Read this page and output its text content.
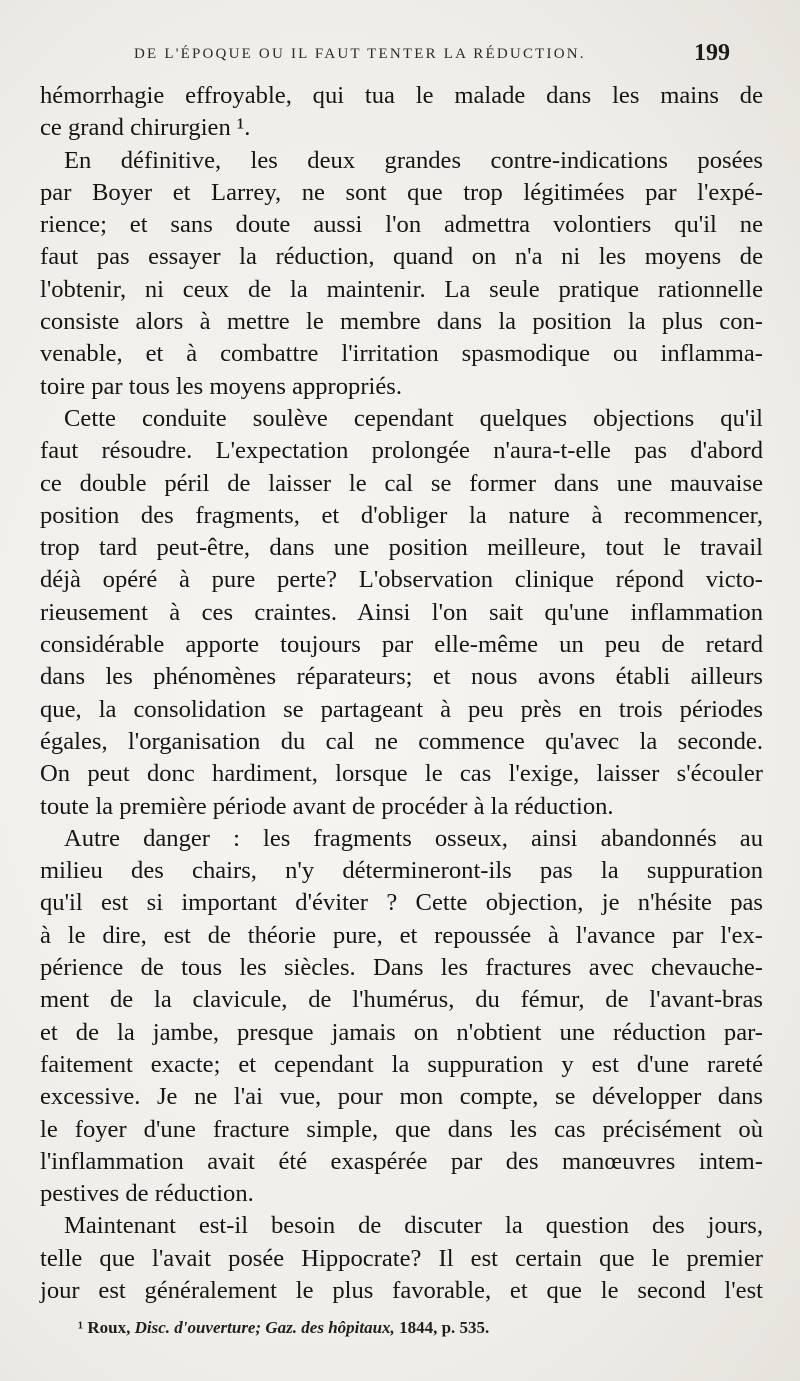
DE L'ÉPOQUE OU IL FAUT TENTER LA RÉDUCTION.	199
hémorrhagie effroyable, qui tua le malade dans les mains de
ce grand chirurgien ¹.
En définitive, les deux grandes contre-indications posées
par Boyer et Larrey, ne sont que trop légitimées par l'expé-
rience; et sans doute aussi l'on admettra volontiers qu'il ne
faut pas essayer la réduction, quand on n'a ni les moyens de
l'obtenir, ni ceux de la maintenir. La seule pratique rationnelle
consiste alors à mettre le membre dans la position la plus con-
venable, et à combattre l'irritation spasmodique ou inflamma-
toire par tous les moyens appropriés.
Cette conduite soulève cependant quelques objections qu'il
faut résoudre. L'expectation prolongée n'aura-t-elle pas d'abord
ce double péril de laisser le cal se former dans une mauvaise
position des fragments, et d'obliger la nature à recommencer,
trop tard peut-être, dans une position meilleure, tout le travail
déjà opéré à pure perte? L'observation clinique répond victo-
rieusement à ces craintes. Ainsi l'on sait qu'une inflammation
considérable apporte toujours par elle-même un peu de retard
dans les phénomènes réparateurs; et nous avons établi ailleurs
que, la consolidation se partageant à peu près en trois périodes
égales, l'organisation du cal ne commence qu'avec la seconde.
On peut donc hardiment, lorsque le cas l'exige, laisser s'écouler
toute la première période avant de procéder à la réduction.
Autre danger : les fragments osseux, ainsi abandonnés au
milieu des chairs, n'y détermineront-ils pas la suppuration
qu'il est si important d'éviter ? Cette objection, je n'hésite pas
à le dire, est de théorie pure, et repoussée à l'avance par l'ex-
périence de tous les siècles. Dans les fractures avec chevauche-
ment de la clavicule, de l'humérus, du fémur, de l'avant-bras
et de la jambe, presque jamais on n'obtient une réduction par-
faitement exacte; et cependant la suppuration y est d'une rareté
excessive. Je ne l'ai vue, pour mon compte, se développer dans
le foyer d'une fracture simple, que dans les cas précisément où
l'inflammation avait été exaspérée par des manœuvres intem-
pestives de réduction.
Maintenant est-il besoin de discuter la question des jours,
telle que l'avait posée Hippocrate? Il est certain que le premier
jour est généralement le plus favorable, et que le second l'est
¹ Roux, Disc. d'ouverture; Gaz. des hôpitaux, 1844, p. 535.
